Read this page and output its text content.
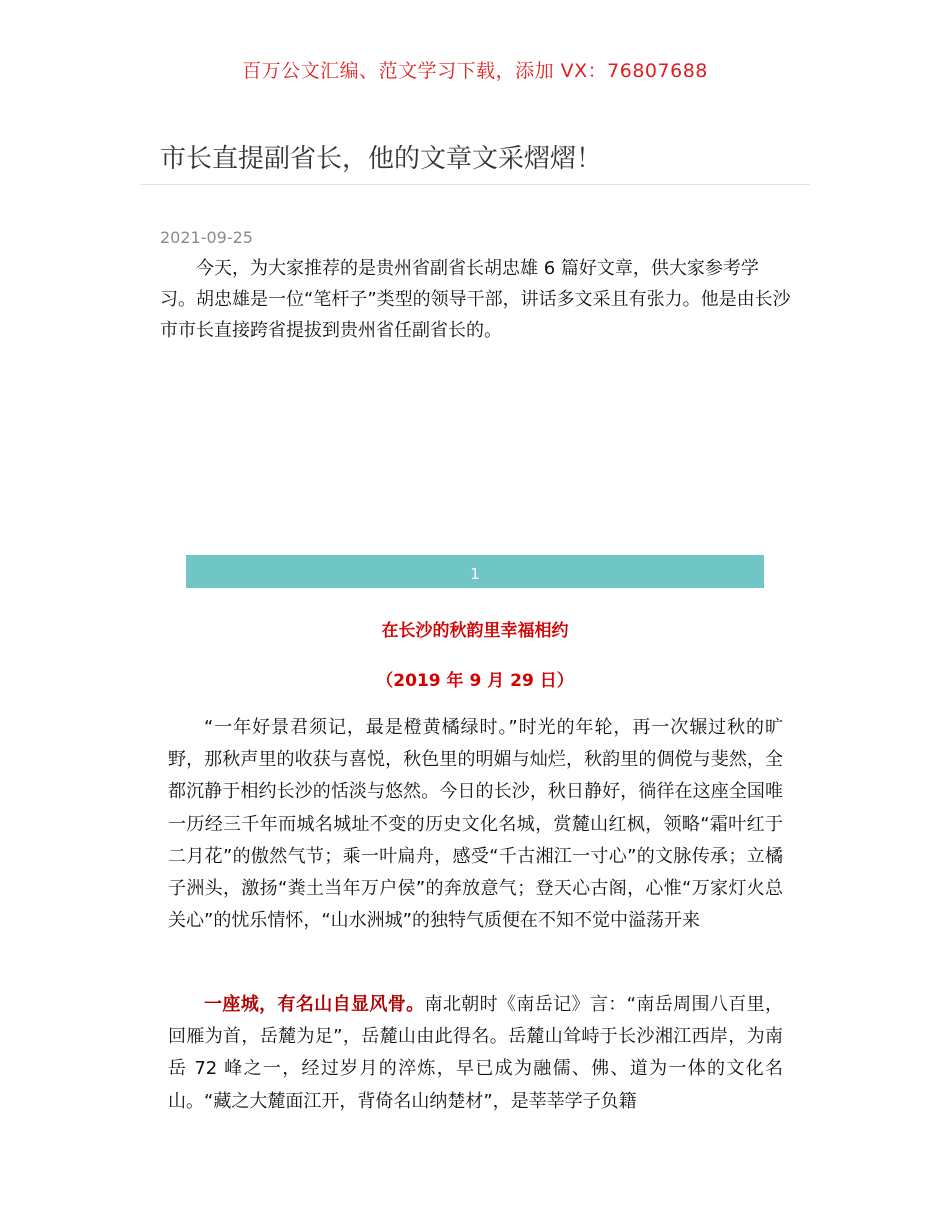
百万公文汇编、范文学习下载，添加 VX：76807688
市长直提副省长，他的文章文采熠熠！
2021-09-25

今天，为大家推荐的是贵州省副省长胡忠雄 6 篇好文章，供大家参考学习。胡忠雄是一位“笔杆子”类型的领导干部，讲话多文采且有张力。他是由长沙市市长直接跨省提拔到贵州省任副省长的。

1
在长沙的秋韵里幸福相约
（2019 年 9 月 29 日）

“一年好景君须记，最是橙黄橘绿时。”时光的年轮，再一次辗过秋的旷野，那秋声里的收获与喜悦，秋色里的明媚与灿烂，秋韵里的倜傥与斐然，全都沉静于相约长沙的恬淡与悠然。今日的长沙，秋日静好，徜徉在这座全国唯一历经三千年而城名城址不变的历史文化名城，赏麓山红枫，领略“霜叶红于二月花”的傲然气节；乘一叶扁舟，感受“千古湘江一寸心”的文脉传承；立橘子洲头，激扬“粪土当年万户侯”的奔放意气；登天心古阁，心惟“万家灯火总关心”的忧乐情怀，“山水洲城”的独特气质便在不知不觉中溢荡开来

一座城，有名山自显风骨。南北朝时《南岳记》言：“南岳周围八百里，回雁为首，岳麓为足”，岳麓山由此得名。岳麓山耸峙于长沙湘江西岸，为南岳 72 峰之一，经过岁月的淬炼，早已成为融儒、佛、道为一体的文化名山。“藏之大麓面江开，背倚名山纳楚材”，是莘莘学子负籍
